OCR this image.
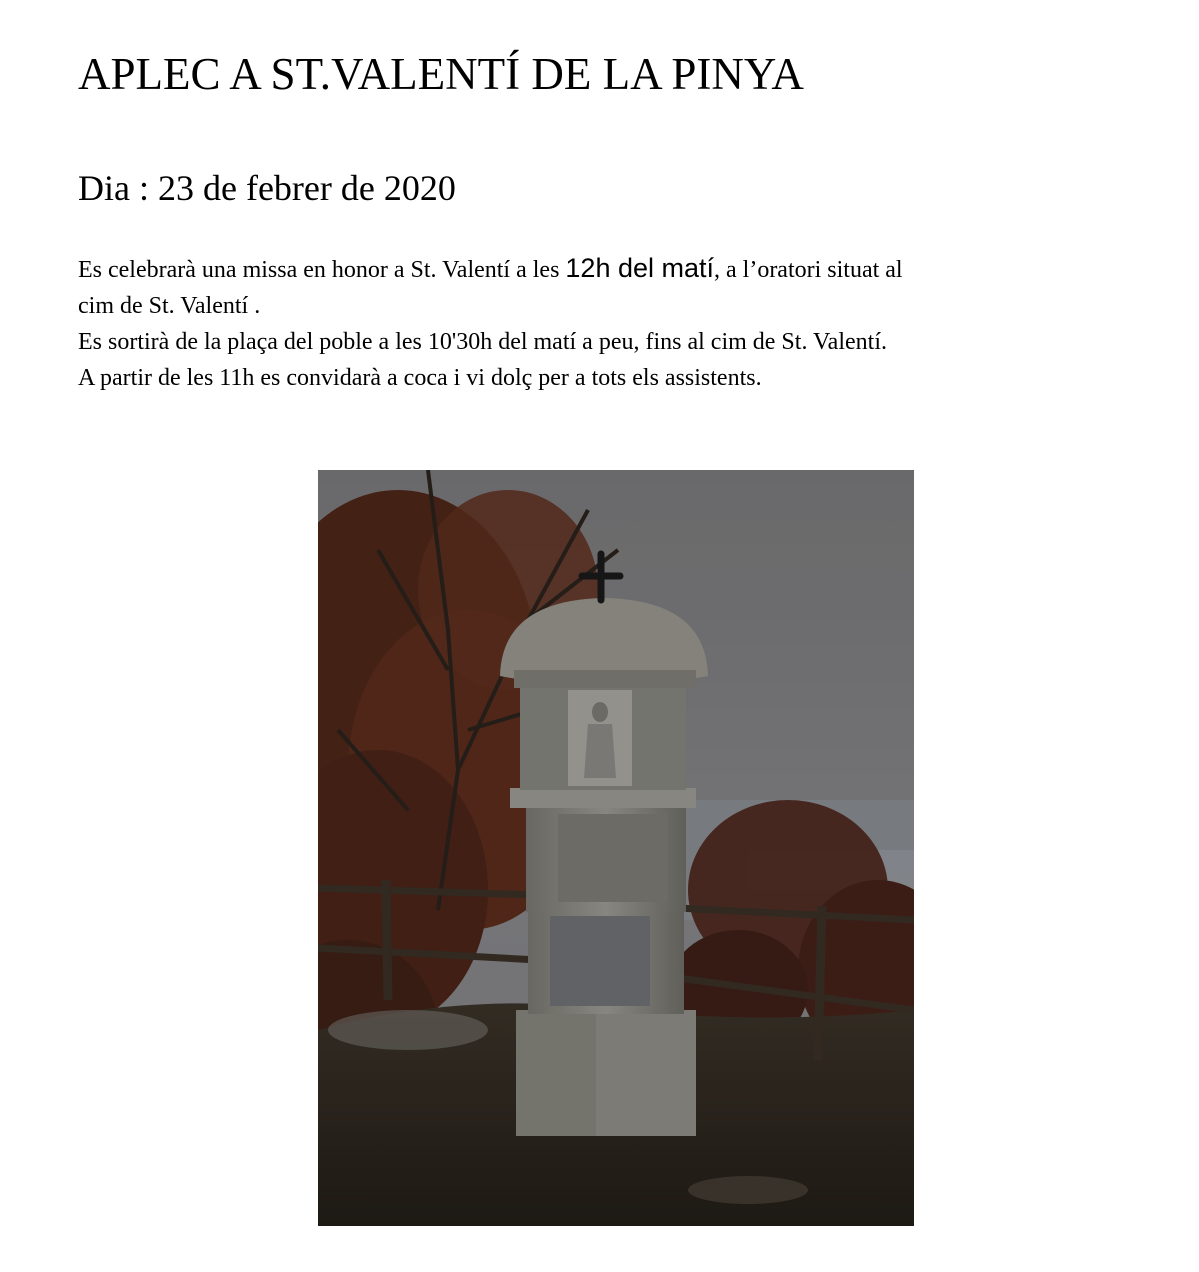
APLEC A ST.VALENTÍ DE LA PINYA

Dia : 23 de febrer de 2020

Es celebrarà una missa en honor a St. Valentí a les 12h del matí, a l’oratori situat al
cim de St. Valentí .
Es sortirà de la plaça del poble a les 10'30h del matí a peu, fins al cim de St. Valentí.
A partir de les 11h es convidarà a coca i vi dolç per a tots els assistents.
